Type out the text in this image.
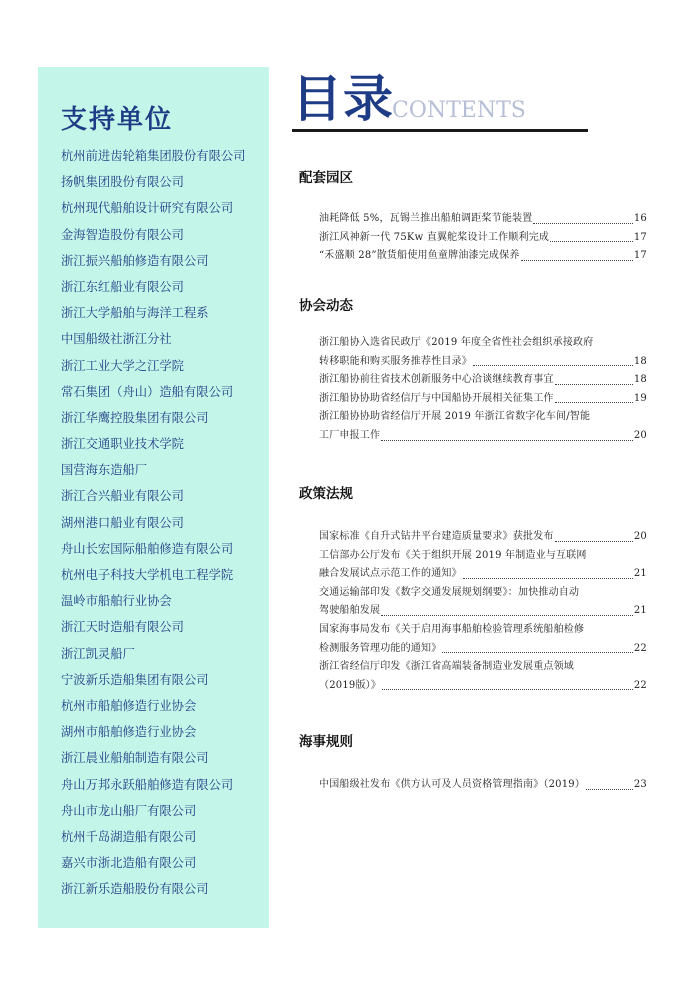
支持单位
杭州前进齿轮箱集团股份有限公司
扬帆集团股份有限公司
杭州现代船舶设计研究有限公司
金海智造股份有限公司
浙江振兴船舶修造有限公司
浙江东红船业有限公司
浙江大学船舶与海洋工程系
中国船级社浙江分社
浙江工业大学之江学院
常石集团（舟山）造船有限公司
浙江华鹰控股集团有限公司
浙江交通职业技术学院
国营海东造船厂
浙江合兴船业有限公司
湖州港口船业有限公司
舟山长宏国际船舶修造有限公司
杭州电子科技大学机电工程学院
温岭市船舶行业协会
浙江天时造船有限公司
浙江凯灵船厂
宁波新乐造船集团有限公司
杭州市船舶修造行业协会
湖州市船舶修造行业协会
浙江晨业船舶制造有限公司
舟山万邦永跃船舶修造有限公司
舟山市龙山船厂有限公司
杭州千岛湖造船有限公司
嘉兴市浙北造船有限公司
浙江新乐造船股份有限公司
目录
CONTENTS
配套园区
油耗降低 5%，瓦锡兰推出船舶调距桨节能装置	16
浙江风神新一代 75Kw 直翼舵桨设计工作顺利完成	17
“禾盛顺 28”散货船使用鱼童牌油漆完成保养	17
协会动态
浙江船协入选省民政厅《2019 年度全省性社会组织承接政府
转移职能和购买服务推荐性目录》	18
浙江船协前往省技术创新服务中心洽谈继续教育事宜	18
浙江船协协助省经信厅与中国船协开展相关征集工作	19
浙江船协协助省经信厅开展 2019 年浙江省数字化车间/智能
工厂申报工作	20
政策法规
国家标准《自升式钻井平台建造质量要求》获批发布	20
工信部办公厅发布《关于组织开展 2019 年制造业与互联网
融合发展试点示范工作的通知》	21
交通运输部印发《数字交通发展规划纲要》：加快推动自动
驾驶船舶发展	21
国家海事局发布《关于启用海事船舶检验管理系统船舶检修
检测服务管理功能的通知》	22
浙江省经信厅印发《浙江省高端装备制造业发展重点领域
（2019版）》	22
海事规则
中国船级社发布《供方认可及人员资格管理指南》（2019）	23
